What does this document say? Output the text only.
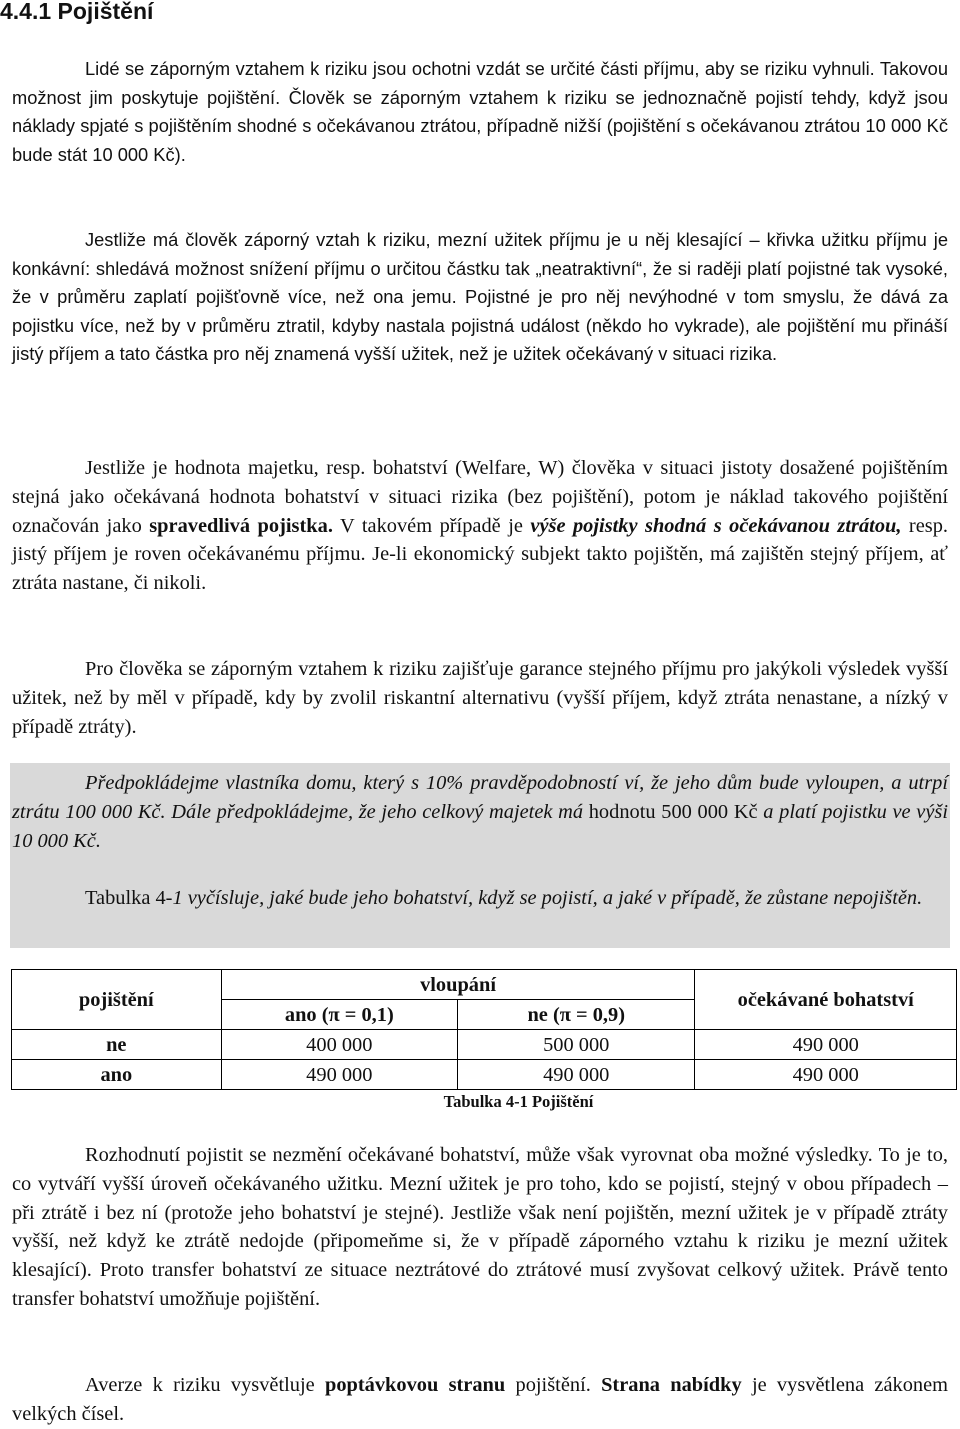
4.4.1 Pojištění

Lidé se záporným vztahem k riziku jsou ochotni vzdát se určité části příjmu, aby se riziku vyhnuli. Takovou možnost jim poskytuje pojištění. Člověk se záporným vztahem k riziku se jednoznačně pojistí tehdy, když jsou náklady spjaté s pojištěním shodné s očekávanou ztrátou, případně nižší (pojištění s očekávanou ztrátou 10 000 Kč bude stát 10 000 Kč).

Jestliže má člověk záporný vztah k riziku, mezní užitek příjmu je u něj klesající – křivka užitku příjmu je konkávní: shledává možnost snížení příjmu o určitou částku tak „neatraktivní“, že si raději platí pojistné tak vysoké, že v průměru zaplatí pojišťovně více, než ona jemu. Pojistné je pro něj nevýhodné v tom smyslu, že dává za pojistku více, než by v průměru ztratil, kdyby nastala pojistná událost (někdo ho vykrade), ale pojištění mu přináší jistý příjem a tato částka pro něj znamená vyšší užitek, než je užitek očekávaný v situaci rizika.

Jestliže je hodnota majetku, resp. bohatství (Welfare, W) člověka v situaci jistoty dosažené pojištěním stejná jako očekávaná hodnota bohatství v situaci rizika (bez pojištění), potom je náklad takového pojištění označován jako spravedlivá pojistka. V takovém případě je výše pojistky shodná s očekávanou ztrátou, resp. jistý příjem je roven očekávanému příjmu. Je-li ekonomický subjekt takto pojištěn, má zajištěn stejný příjem, ať ztráta nastane, či nikoli.

Pro člověka se záporným vztahem k riziku zajišťuje garance stejného příjmu pro jakýkoli výsledek vyšší užitek, než by měl v případě, kdy by zvolil riskantní alternativu (vyšší příjem, když ztráta nenastane, a nízký v případě ztráty).

Předpokládejme vlastníka domu, který s 10% pravděpodobností ví, že jeho dům bude vyloupen, a utrpí ztrátu 100 000 Kč. Dále předpokládejme, že jeho celkový majetek má hodnotu 500 000 Kč a platí pojistku ve výši 10 000 Kč.

Tabulka 4-1 vyčísluje, jaké bude jeho bohatství, když se pojistí, a jaké v případě, že zůstane nepojištěn.

pojištění	vloupání		očekávané bohatství
	ano (π = 0,1)	ne (π = 0,9)	
ne	400 000	500 000	490 000
ano	490 000	490 000	490 000
Tabulka 4-1 Pojištění

Rozhodnutí pojistit se nezmění očekávané bohatství, může však vyrovnat oba možné výsledky. To je to, co vytváří vyšší úroveň očekávaného užitku. Mezní užitek je pro toho, kdo se pojistí, stejný v obou případech – při ztrátě i bez ní (protože jeho bohatství je stejné). Jestliže však není pojištěn, mezní užitek je v případě ztráty vyšší, než když ke ztrátě nedojde (připomeňme si, že v případě záporného vztahu k riziku je mezní užitek klesající). Proto transfer bohatství ze situace neztrátové do ztrátové musí zvyšovat celkový užitek. Právě tento transfer bohatství umožňuje pojištění.

Averze k riziku vysvětluje poptávkovou stranu pojištění. Strana nabídky je vysvětlena zákonem velkých čísel.
